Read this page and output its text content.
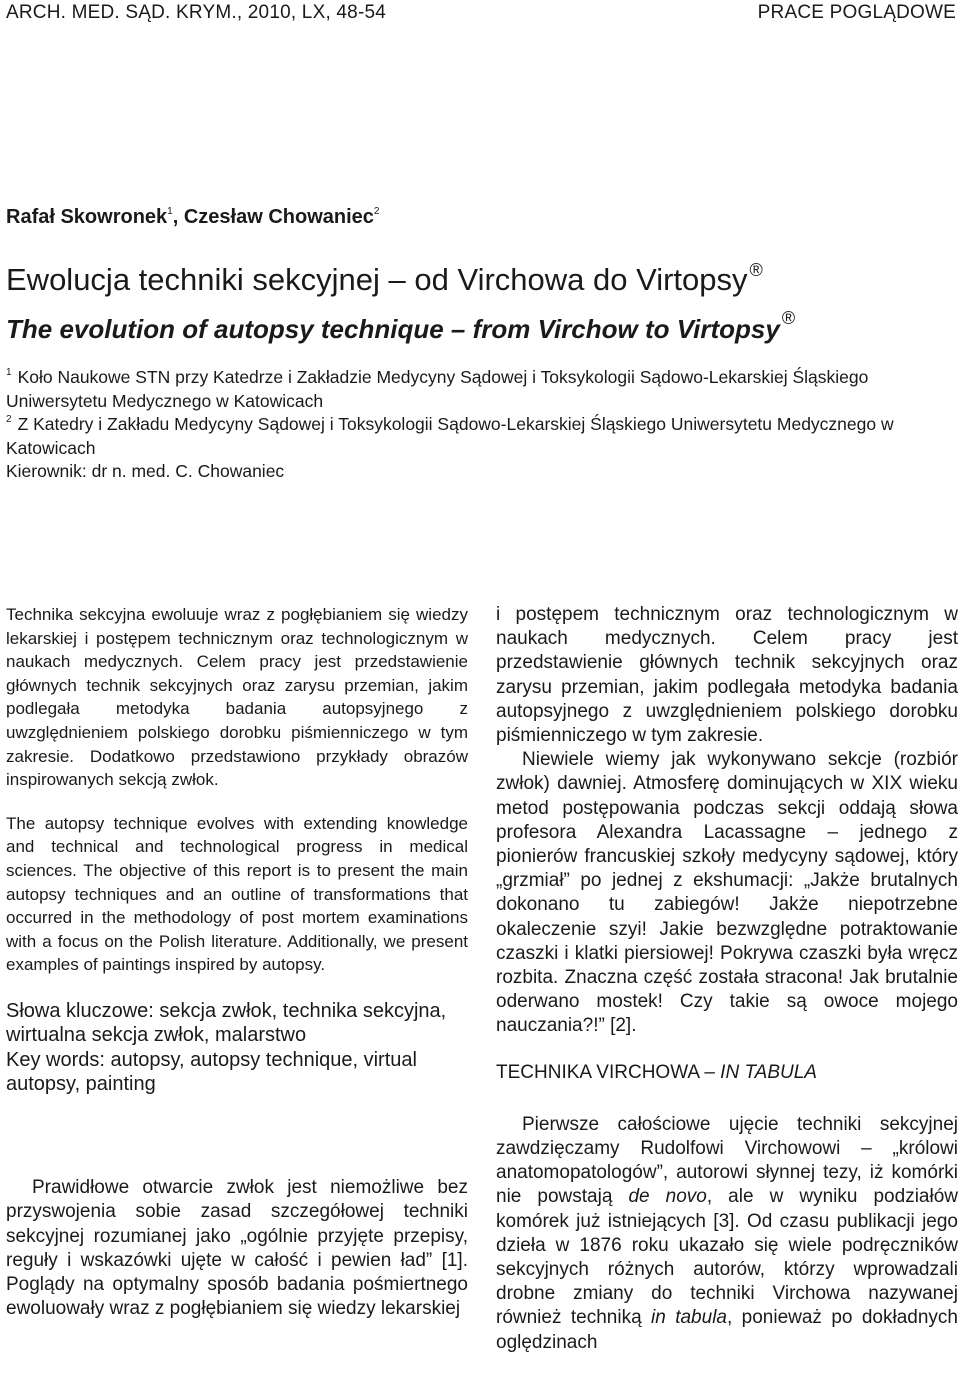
ARCH. MED. SĄD. KRYM., 2010, LX, 48-54	PRACE POGLĄDOWE
Rafał Skowronek$^1$, Czesław Chowaniec$^2$
Ewolucja techniki sekcyjnej – od Virchowa do Virtopsy ®
The evolution of autopsy technique – from Virchow to Virtopsy ®

$^1$ Koło Naukowe STN przy Katedrze i Zakładzie Medycyny Sądowej i Toksykologii Sądowo-Lekarskiej Śląskiego Uniwersytetu Medycznego w Katowicach

$^2$ Z Katedry i Zakładu Medycyny Sądowej i Toksykologii Sądowo-Lekarskiej Śląskiego Uniwersytetu Medycznego w Katowicach

Kierownik: dr n. med. C. Chowaniec

Technika sekcyjna ewoluuje wraz z pogłębianiem się wiedzy lekarskiej i postępem technicznym oraz technologicznym w naukach medycznych. Celem pracy jest przedstawienie głównych technik sekcyjnych oraz zarysu przemian, jakim podlegała metodyka badania autopsyjnego z uwzględnieniem polskiego dorobku piśmienniczego w tym zakresie. Dodatkowo przedstawiono przykłady obrazów inspirowanych sekcją zwłok.

The autopsy technique evolves with extending knowledge and technical and technological progress in medical sciences. The objective of this report is to present the main autopsy techniques and an outline of transformations that occurred in the methodology of post mortem examinations with a focus on the Polish literature. Additionally, we present examples of paintings inspired by autopsy.

Słowa kluczowe: sekcja zwłok, technika sekcyjna, wirtualna sekcja zwłok, malarstwo

Key words: autopsy, autopsy technique, virtual autopsy, painting

Prawidłowe otwarcie zwłok jest niemożliwe bez przyswojenia sobie zasad szczegółowej techniki sekcyjnej rozumianej jako „ogólnie przyjęte przepisy, reguły i wskazówki ujęte w całość i pewien ład” [1]. Poglądy na optymalny sposób badania pośmiertnego ewoluowały wraz z pogłębianiem się wiedzy lekarskiej

i postępem technicznym oraz technologicznym w naukach medycznych. Celem pracy jest przedstawienie głównych technik sekcyjnych oraz zarysu przemian, jakim podlegała metodyka badania autopsyjnego z uwzględnieniem polskiego dorobku piśmienniczego w tym zakresie.

Niewiele wiemy jak wykonywano sekcje (rozbiór zwłok) dawniej. Atmosferę dominujących w XIX wieku metod postępowania podczas sekcji oddają słowa profesora Alexandra Lacassagne – jednego z pionierów francuskiej szkoły medycyny sądowej, który „grzmiał” po jednej z ekshumacji: „Jakże brutalnych dokonano tu zabiegów! Jakże niepotrzebne okaleczenie szyi! Jakie bezwzględne potraktowanie czaszki i klatki piersiowej! Pokrywa czaszki była wręcz rozbita. Znaczna część została stracona! Jak brutalnie oderwano mostek! Czy takie są owoce mojego nauczania?!” [2].

TECHNIKA VIRCHOWA – IN TABULA

Pierwsze całościowe ujęcie techniki sekcyjnej zawdzięczamy Rudolfowi Virchowowi – „królowi anatomopatologów”, autorowi słynnej tezy, iż komórki nie powstają de novo, ale w wyniku podziałów komórek już istniejących [3]. Od czasu publikacji jego dzieła w 1876 roku ukazało się wiele podręczników sekcyjnych różnych autorów, którzy wprowadzali drobne zmiany do techniki Virchowa nazywanej również techniką in tabula, ponieważ po dokładnych oględzinach
